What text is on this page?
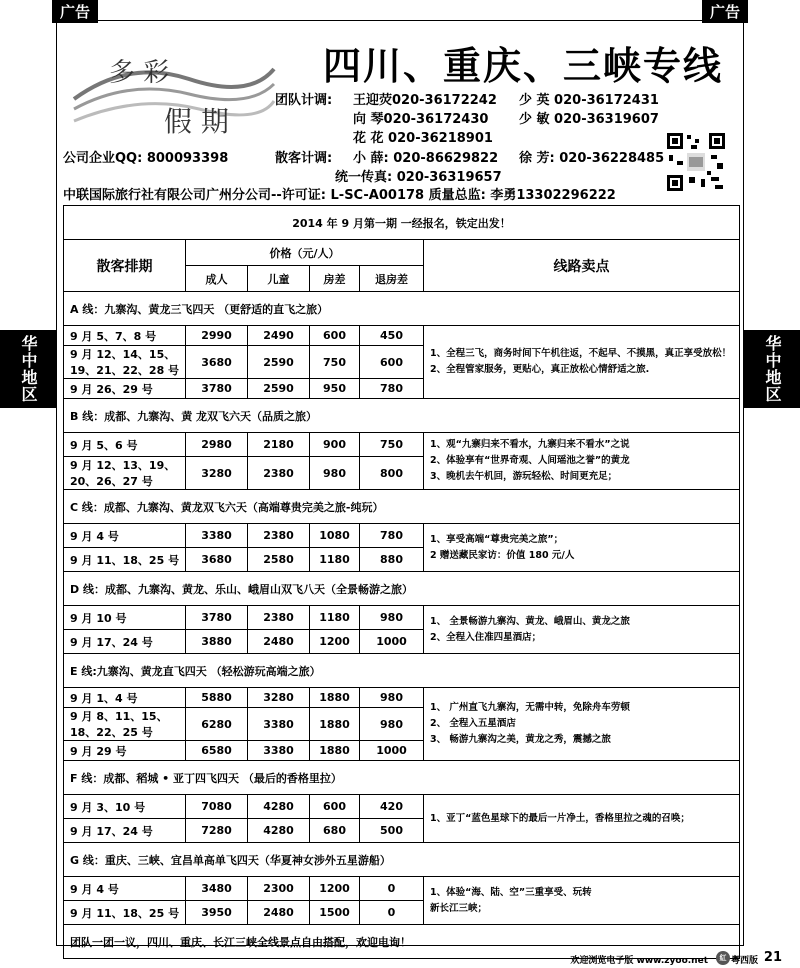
广告	广告
华中地区	华中地区
多 彩
假 期
四川、重庆、三峡专线
团队计调: 王迎荧020-36172242 少 英 020-36172431
向 琴020-36172430 少 敏 020-36319607
花 花 020-36218901
公司企业QQ: 800093398	散客计调: 小 薛: 020-86629822 徐 芳: 020-36228485
统一传真: 020-36319657
中联国际旅行社有限公司广州分公司--许可证: L-SC-A00178 质量总监: 李勇13302296222
2014 年 9 月第一期 一经报名，铁定出发！					
散客排期	价格（元/人）				线路卖点
	成人	儿童	房差	退房差	
A 线：九寨沟、黄龙三飞四天 （更舒适的直飞之旅）					
9 月 5、7、8 号	2990	2490	600	450	1、全程三飞，商务时间下午机往返，不起早、不摸黑，真正享受放松！
2、全程管家服务，更贴心，真正放松心情舒适之旅.

9 月 12、14、15、19、21、22、28 号	3680	2590	750	600	
9 月 26、29 号	3780	2590	950	780	
B 线：成都、九寨沟、黄 龙双飞六天（品质之旅）					
9 月 5、6 号	2980	2180	900	750	1、观“九寨归来不看水，九寨归来不看水”之说
2、体验享有“世界奇观、人间瑶池之誉”的黄龙
3、晚机去午机回，游玩轻松、时间更充足；

9 月 12、13、19、20、26、27 号	3280	2380	980	800	
C 线：成都、九寨沟、黄龙双飞六天（高端尊贵完美之旅-纯玩）					
9 月 4 号	3380	2380	1080	780	1、享受高端“尊贵完美之旅”；
2 赠送藏民家访：价值 180 元/人

9 月 11、18、25 号	3680	2580	1180	880	
D 线：成都、九寨沟、黄龙、乐山、峨眉山双飞八天（全景畅游之旅）					
9 月 10 号	3780	2380	1180	980	1、 全景畅游九寨沟、黄龙、峨眉山、黄龙之旅
2、全程入住准四星酒店；

9 月 17、24 号	3880	2480	1200	1000	
E 线:九寨沟、黄龙直飞四天 （轻松游玩高端之旅）					
9 月 1、4 号	5880	3280	1880	980	1、 广州直飞九寨沟，无需中转，免除舟车劳顿
2、 全程入五星酒店
3、 畅游九寨沟之美，黄龙之秀，震撼之旅

9 月 8、11、15、18、22、25 号	6280	3380	1880	980	
9 月 29 号	6580	3380	1880	1000	
F 线：成都、稻城 • 亚丁四飞四天 （最后的香格里拉）					
9 月 3、10 号	7080	4280	600	420	1、亚丁“蓝色星球下的最后一片净土，香格里拉之魂的召唤；

9 月 17、24 号	7280	4280	680	500	
G 线：重庆、三峡、宜昌单高单飞四天（华夏神女涉外五星游船）					
9 月 4 号	3480	2300	1200	0	1、体验“海、陆、空”三重享受、玩转
新长江三峡；

9 月 11、18、25 号	3950	2480	1500	0	
团队一团一议，四川、重庆、长江三峡全线景点自由搭配，欢迎电询！					
欢迎浏览电子版 www.zyoo.net	紅 粤西版 21
